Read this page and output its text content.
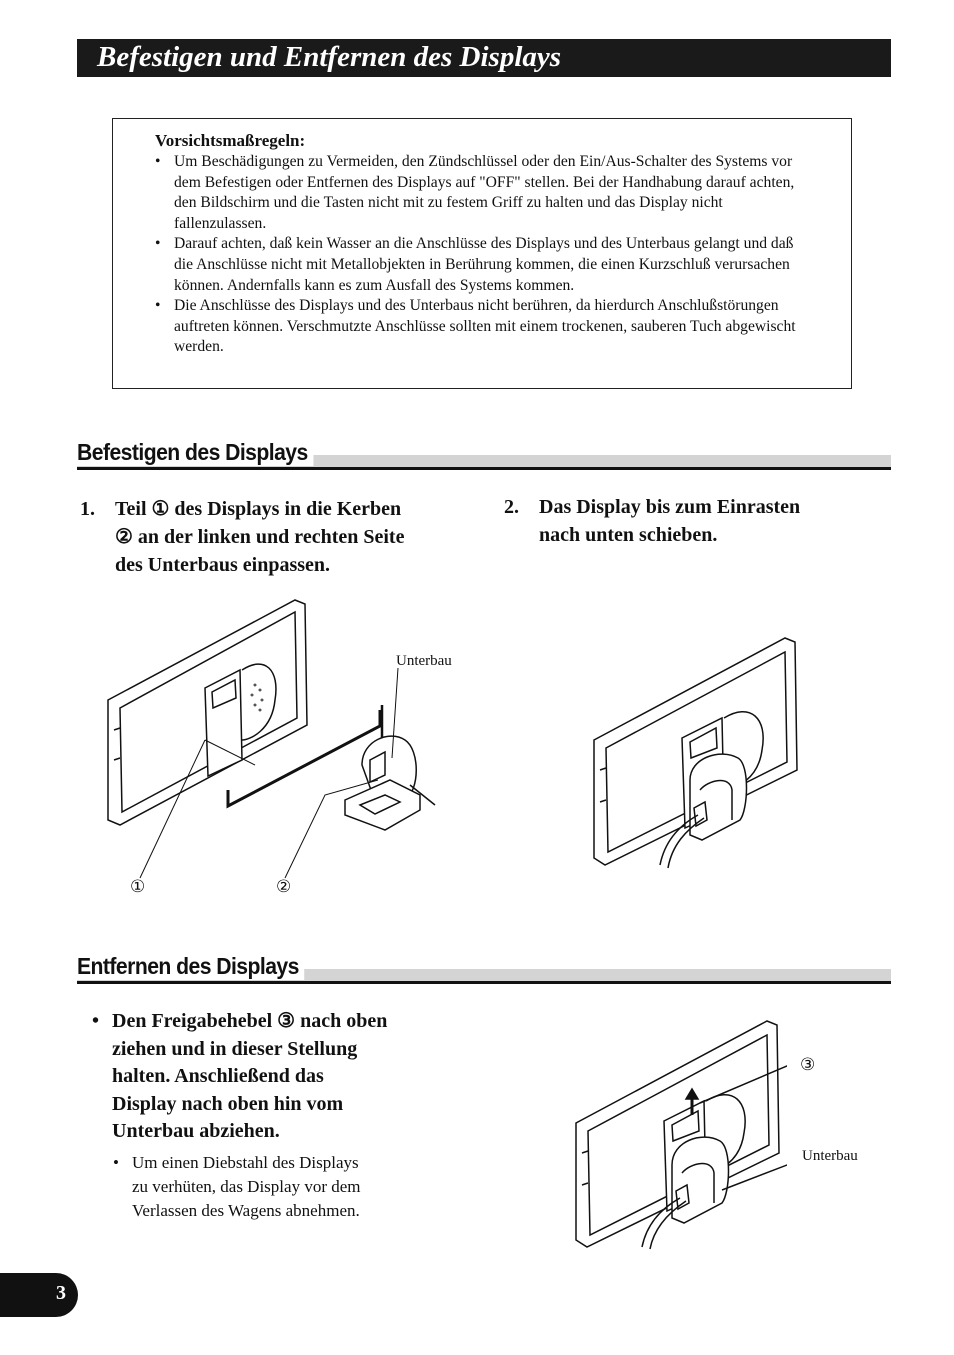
Befestigen und Entfernen des Displays
Vorsichtsmaßregeln:
• Um Beschädigungen zu Vermeiden, den Zündschlüssel oder den Ein/Aus-Schalter des Systems vor dem Befestigen oder Entfernen des Displays auf "OFF" stellen. Bei der Handhabung darauf achten, den Bildschirm und die Tasten nicht mit zu festem Griff zu halten und das Display nicht fallenzulassen.
• Darauf achten, daß kein Wasser an die Anschlüsse des Displays und des Unterbaus gelangt und daß die Anschlüsse nicht mit Metallobjekten in Berührung kommen, die einen Kurzschluß verursachen können. Andernfalls kann es zum Ausfall des Systems kommen.
• Die Anschlüsse des Displays und des Unterbaus nicht berühren, da hierdurch Anschlußstörungen auftreten können. Verschmutzte Anschlüsse sollten mit einem trockenen, sauberen Tuch abgewischt werden.
Befestigen des Displays
1. Teil ① des Displays in die Kerben
② an der linken und rechten Seite
des Unterbaus einpassen.
2. Das Display bis zum Einrasten
nach unten schieben.
Unterbau
①	②
Entfernen des Displays
• Den Freigabehebel ③ nach oben
ziehen und in dieser Stellung
halten. Anschließend das
Display nach oben hin vom
Unterbau abziehen.
• Um einen Diebstahl des Displays
zu verhüten, das Display vor dem
Verlassen des Wagens abnehmen.
③
Unterbau
3
